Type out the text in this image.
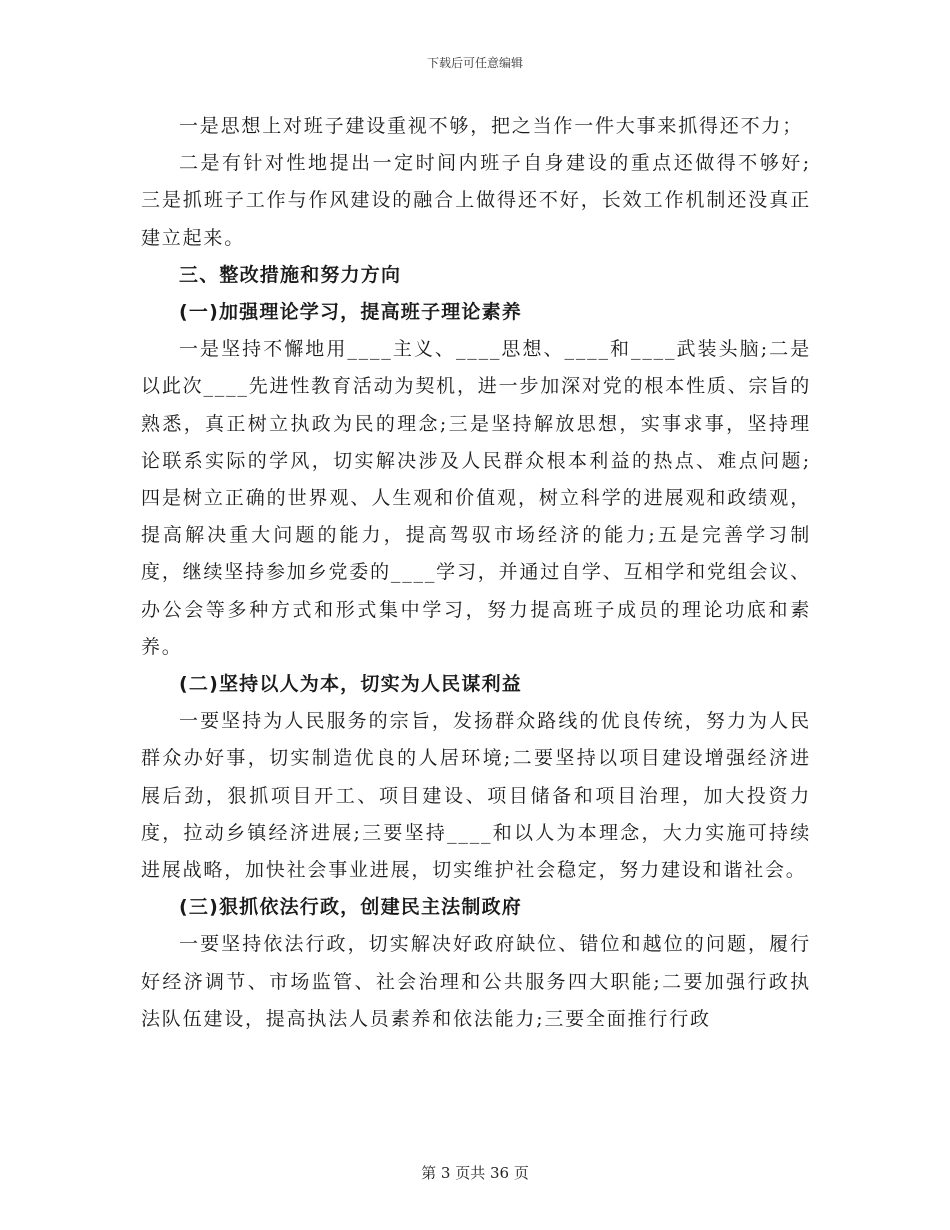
下载后可任意编辑

一是思想上对班子建设重视不够，把之当作一件大事来抓得还不力；

二是有针对性地提出一定时间内班子自身建设的重点还做得不够好;三是抓班子工作与作风建设的融合上做得还不好，长效工作机制还没真正建立起来。

三、整改措施和努力方向

(一)加强理论学习，提高班子理论素养

一是坚持不懈地用____主义、____思想、____和____武装头脑;二是以此次____先进性教育活动为契机，进一步加深对党的根本性质、宗旨的熟悉，真正树立执政为民的理念;三是坚持解放思想，实事求事，坚持理论联系实际的学风，切实解决涉及人民群众根本利益的热点、难点问题;四是树立正确的世界观、人生观和价值观，树立科学的进展观和政绩观，提高解决重大问题的能力，提高驾驭市场经济的能力;五是完善学习制度，继续坚持参加乡党委的____学习，并通过自学、互相学和党组会议、办公会等多种方式和形式集中学习，努力提高班子成员的理论功底和素养。

(二)坚持以人为本，切实为人民谋利益

一要坚持为人民服务的宗旨，发扬群众路线的优良传统，努力为人民群众办好事，切实制造优良的人居环境;二要坚持以项目建设增强经济进展后劲，狠抓项目开工、项目建设、项目储备和项目治理，加大投资力度，拉动乡镇经济进展;三要坚持____和以人为本理念，大力实施可持续进展战略，加快社会事业进展，切实维护社会稳定，努力建设和谐社会。

(三)狠抓依法行政，创建民主法制政府

一要坚持依法行政，切实解决好政府缺位、错位和越位的问题，履行好经济调节、市场监管、社会治理和公共服务四大职能;二要加强行政执法队伍建设，提高执法人员素养和依法能力;三要全面推行行政

第 3 页共 36 页
